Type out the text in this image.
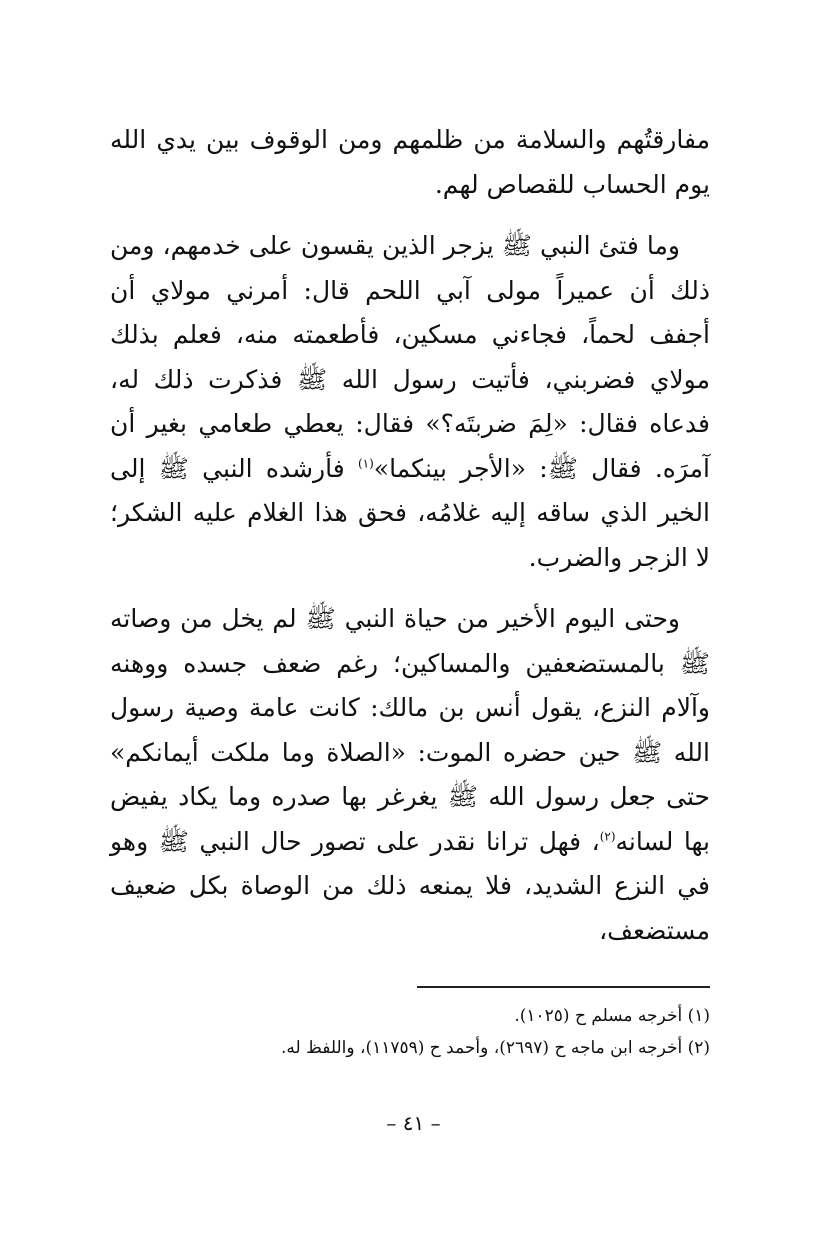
مفارقتُهم والسلامة من ظلمهم ومن الوقوف بين يدي الله يوم الحساب للقصاص لهم.

وما فتئ النبي ﷺ يزجر الذين يقسون على خدمهم، ومن ذلك أن عميراً مولى آبي اللحم قال: أمرني مولاي أن أجفف لحماً، فجاءني مسكين، فأطعمته منه، فعلم بذلك مولاي فضربني، فأتيت رسول الله ﷺ فذكرت ذلك له، فدعاه فقال: «لِمَ ضربتَه؟» فقال: يعطي طعامي بغير أن آمرَه. فقال ﷺ: «الأجر بينكما»$^{(١)}$ فأرشده النبي ﷺ إلى الخير الذي ساقه إليه غلامُه، فحق هذا الغلام عليه الشكر؛ لا الزجر والضرب.

وحتى اليوم الأخير من حياة النبي ﷺ لم يخل من وصاته ﷺ بالمستضعفين والمساكين؛ رغم ضعف جسده ووهنه وآلام النزع، يقول أنس بن مالك: كانت عامة وصية رسول الله ﷺ حين حضره الموت: «الصلاة وما ملكت أيمانكم» حتى جعل رسول الله ﷺ يغرغر بها صدره وما يكاد يفيض بها لسانه$^{(٢)}$، فهل ترانا نقدر على تصور حال النبي ﷺ وهو في النزع الشديد، فلا يمنعه ذلك من الوصاة بكل ضعيف مستضعف،

(١) أخرجه مسلم ح (١٠٢٥).

(٢) أخرجه ابن ماجه ح (٢٦٩٧)، وأحمد ح (١١٧٥٩)، واللفظ له.

– ٤١ –
